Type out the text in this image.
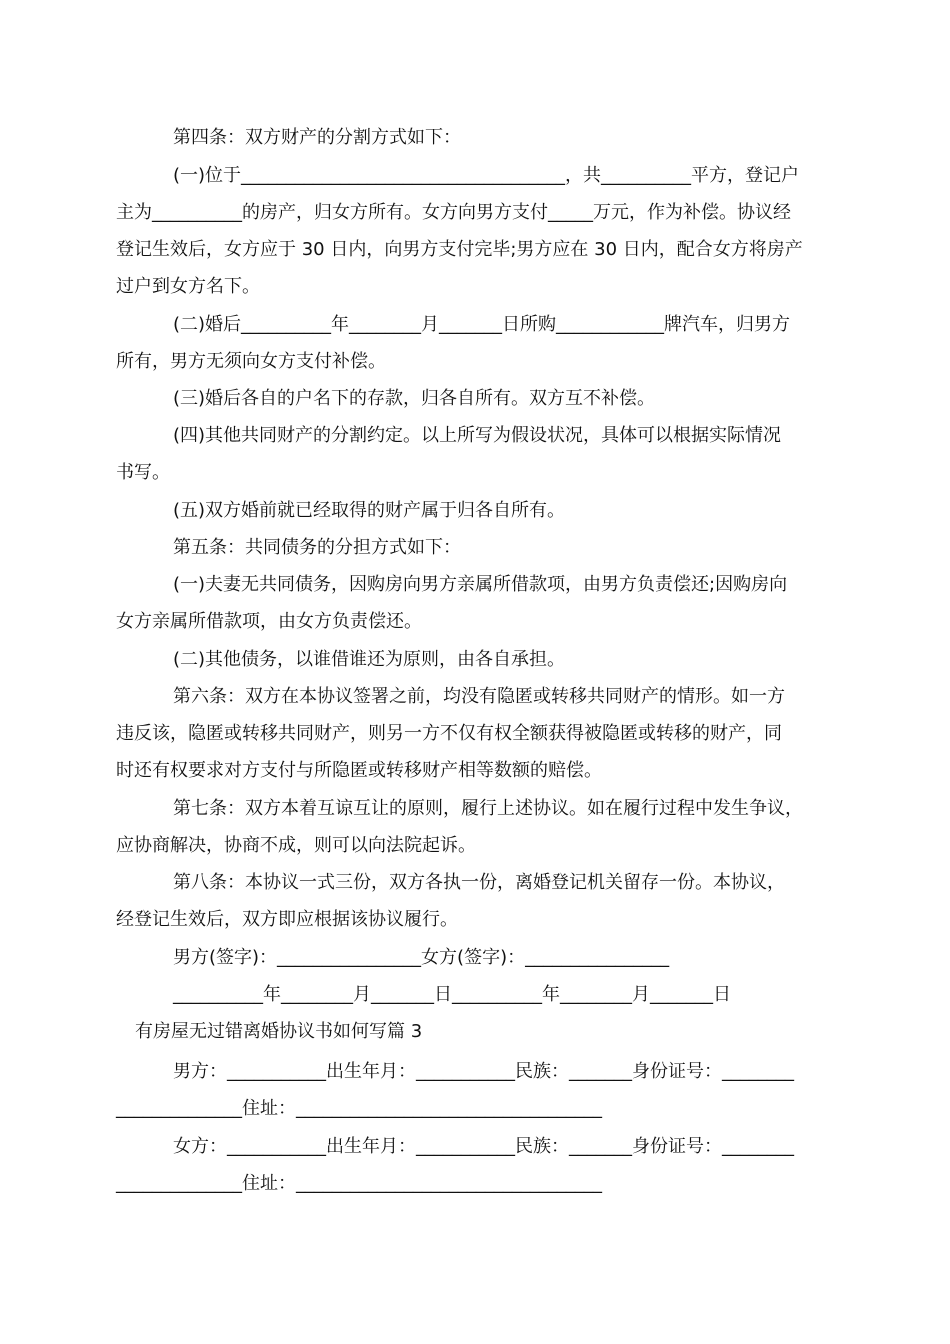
第四条：双方财产的分割方式如下：
(一)位于____________________________________，共__________平方，登记户
主为__________的房产，归女方所有。女方向男方支付_____万元，作为补偿。协议经
登记生效后，女方应于 30 日内，向男方支付完毕;男方应在 30 日内，配合女方将房产
过户到女方名下。
(二)婚后__________年________月_______日所购____________牌汽车，归男方
所有，男方无须向女方支付补偿。
(三)婚后各自的户名下的存款，归各自所有。双方互不补偿。
(四)其他共同财产的分割约定。以上所写为假设状况，具体可以根据实际情况
书写。
(五)双方婚前就已经取得的财产属于归各自所有。
第五条：共同债务的分担方式如下：
(一)夫妻无共同债务，因购房向男方亲属所借款项，由男方负责偿还;因购房向
女方亲属所借款项，由女方负责偿还。
(二)其他债务，以谁借谁还为原则，由各自承担。
第六条：双方在本协议签署之前，均没有隐匿或转移共同财产的情形。如一方
违反该，隐匿或转移共同财产，则另一方不仅有权全额获得被隐匿或转移的财产，同
时还有权要求对方支付与所隐匿或转移财产相等数额的赔偿。
第七条：双方本着互谅互让的原则，履行上述协议。如在履行过程中发生争议，
应协商解决，协商不成，则可以向法院起诉。
第八条：本协议一式三份，双方各执一份，离婚登记机关留存一份。本协议，
经登记生效后，双方即应根据该协议履行。
男方(签字)：________________女方(签字)：________________
__________年________月_______日__________年________月_______日
有房屋无过错离婚协议书如何写篇 3
男方：___________出生年月：___________民族：_______身份证号：________
______________住址：__________________________________
女方：___________出生年月：___________民族：_______身份证号：________
______________住址：__________________________________
